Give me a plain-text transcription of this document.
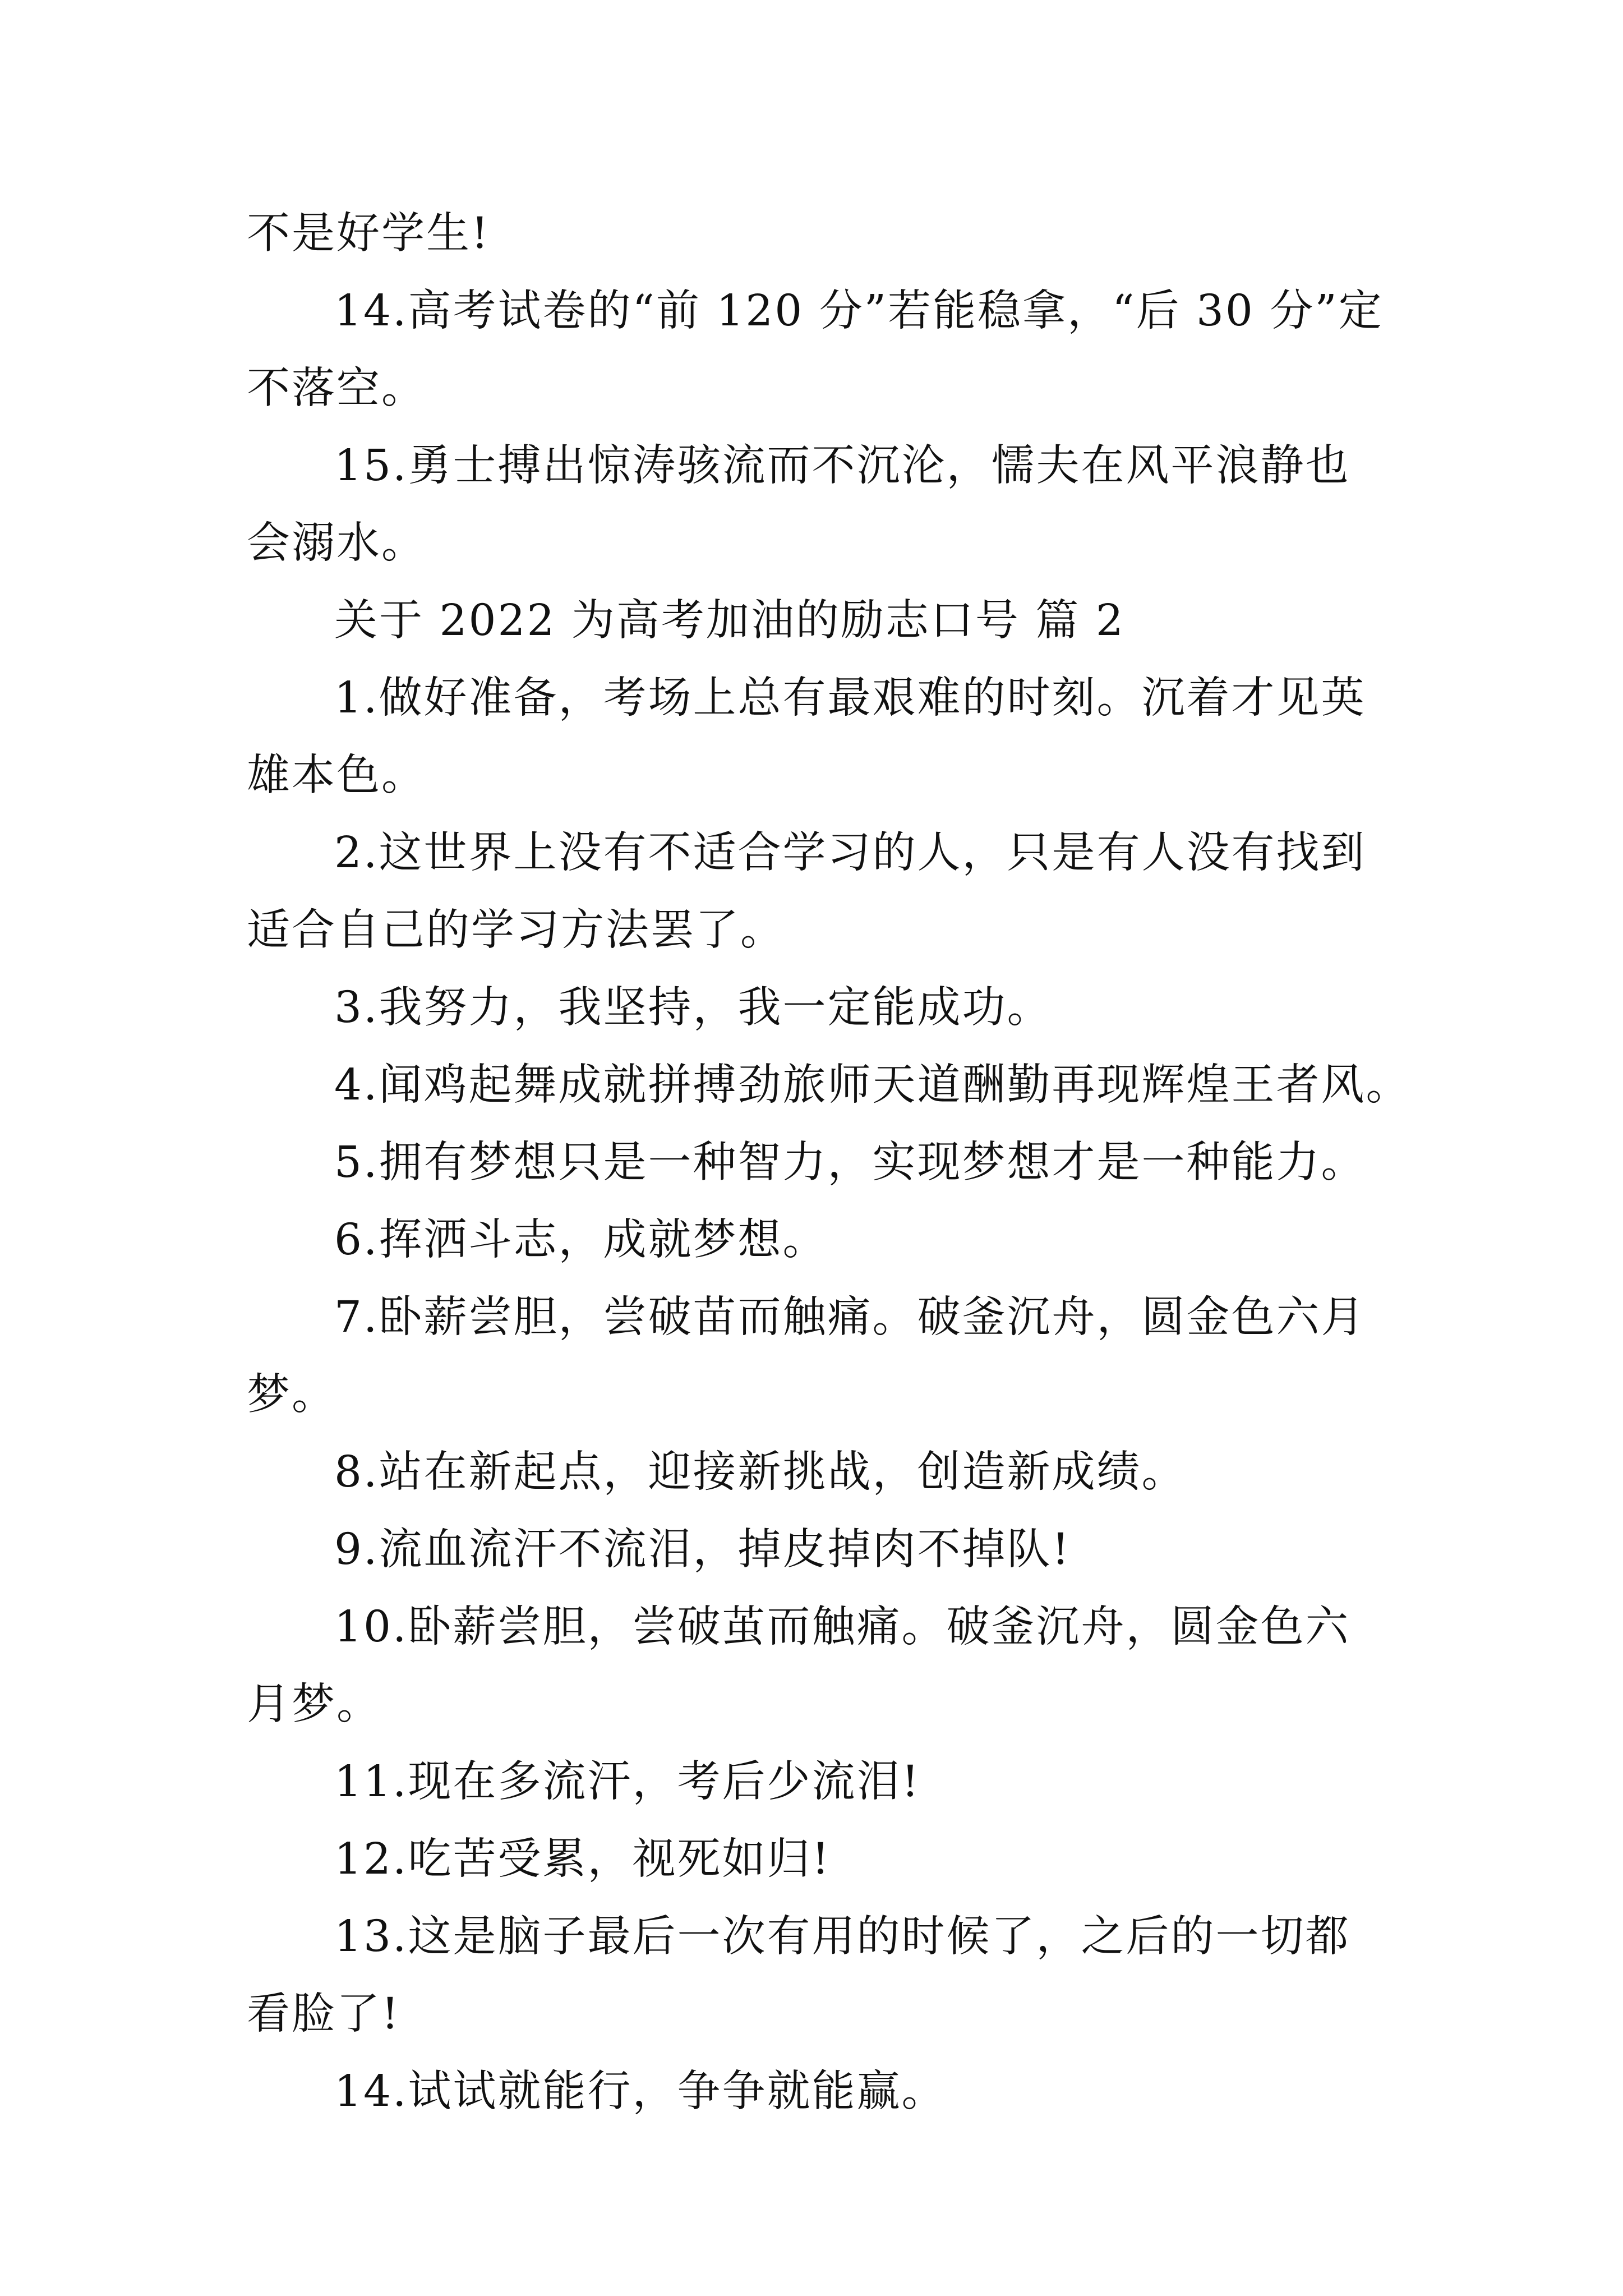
不是好学生!

14.高考试卷的“前 120 分”若能稳拿，“后 30 分”定不落空。

15.勇士搏出惊涛骇流而不沉沦，懦夫在风平浪静也会溺水。

关于 2022 为高考加油的励志口号 篇 2

1.做好准备，考场上总有最艰难的时刻。沉着才见英雄本色。

2.这世界上没有不适合学习的人，只是有人没有找到适合自己的学习方法罢了。

3.我努力，我坚持，我一定能成功。

4.闻鸡起舞成就拼搏劲旅师天道酬勤再现辉煌王者风。

5.拥有梦想只是一种智力，实现梦想才是一种能力。

6.挥洒斗志，成就梦想。

7.卧薪尝胆，尝破苗而触痛。破釜沉舟，圆金色六月梦。

8.站在新起点，迎接新挑战，创造新成绩。

9.流血流汗不流泪，掉皮掉肉不掉队!

10.卧薪尝胆，尝破茧而触痛。破釜沉舟，圆金色六月梦。

11.现在多流汗，考后少流泪!

12.吃苦受累，视死如归!

13.这是脑子最后一次有用的时候了，之后的一切都看脸了!

14.试试就能行，争争就能赢。
